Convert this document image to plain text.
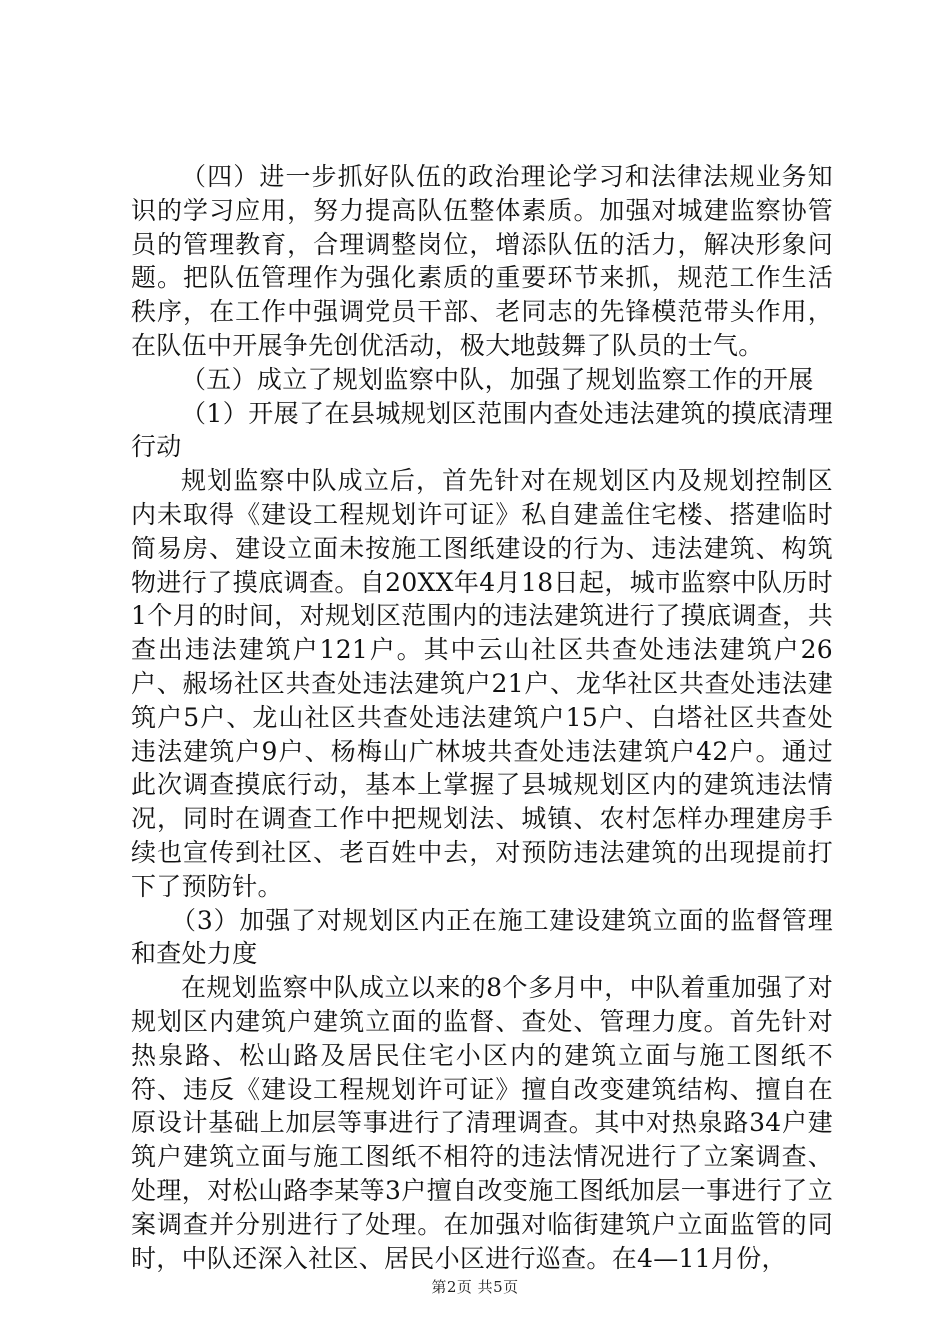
（四）进一步抓好队伍的政治理论学习和法律法规业务知识的学习应用，努力提高队伍整体素质。加强对城建监察协管员的管理教育，合理调整岗位，增添队伍的活力，解决形象问题。把队伍管理作为强化素质的重要环节来抓，规范工作生活秩序，在工作中强调党员干部、老同志的先锋模范带头作用，在队伍中开展争先创优活动，极大地鼓舞了队员的士气。

（五）成立了规划监察中队，加强了规划监察工作的开展

（1）开展了在县城规划区范围内查处违法建筑的摸底清理行动

规划监察中队成立后，首先针对在规划区内及规划控制区内未取得《建设工程规划许可证》私自建盖住宅楼、搭建临时简易房、建设立面未按施工图纸建设的行为、违法建筑、构筑物进行了摸底调查。自20XX年4月18日起，城市监察中队历时1个月的时间，对规划区范围内的违法建筑进行了摸底调查，共查出违法建筑户121户。其中云山社区共查处违法建筑户26户、赧场社区共查处违法建筑户21户、龙华社区共查处违法建筑户5户、龙山社区共查处违法建筑户15户、白塔社区共查处违法建筑户9户、杨梅山广林坡共查处违法建筑户42户。通过此次调查摸底行动，基本上掌握了县城规划区内的建筑违法情况，同时在调查工作中把规划法、城镇、农村怎样办理建房手续也宣传到社区、老百姓中去，对预防违法建筑的出现提前打下了预防针。

（3）加强了对规划区内正在施工建设建筑立面的监督管理和查处力度

在规划监察中队成立以来的8个多月中，中队着重加强了对规划区内建筑户建筑立面的监督、查处、管理力度。首先针对热泉路、松山路及居民住宅小区内的建筑立面与施工图纸不符、违反《建设工程规划许可证》擅自改变建筑结构、擅自在原设计基础上加层等事进行了清理调查。其中对热泉路34户建筑户建筑立面与施工图纸不相符的违法情况进行了立案调查、处理，对松山路李某等3户擅自改变施工图纸加层一事进行了立案调查并分别进行了处理。在加强对临街建筑户立面监管的同时，中队还深入社区、居民小区进行巡查。在4—11月份，

第2页 共5页
